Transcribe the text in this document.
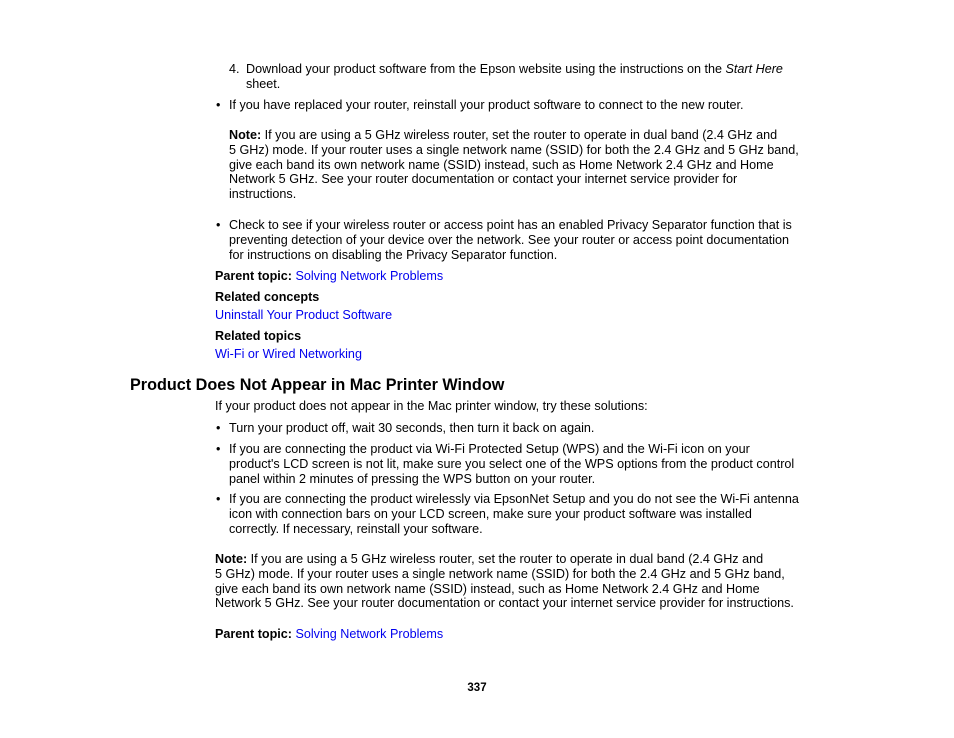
4. Download your product software from the Epson website using the instructions on the Start Here
sheet.
• If you have replaced your router, reinstall your product software to connect to the new router.
Note: If you are using a 5 GHz wireless router, set the router to operate in dual band (2.4 GHz and
5 GHz) mode. If your router uses a single network name (SSID) for both the 2.4 GHz and 5 GHz band,
give each band its own network name (SSID) instead, such as Home Network 2.4 GHz and Home
Network 5 GHz. See your router documentation or contact your internet service provider for
instructions.
• Check to see if your wireless router or access point has an enabled Privacy Separator function that is
preventing detection of your device over the network. See your router or access point documentation
for instructions on disabling the Privacy Separator function.
Parent topic: Solving Network Problems
Related concepts
Uninstall Your Product Software
Related topics
Wi-Fi or Wired Networking
Product Does Not Appear in Mac Printer Window
If your product does not appear in the Mac printer window, try these solutions:
• Turn your product off, wait 30 seconds, then turn it back on again.
• If you are connecting the product via Wi-Fi Protected Setup (WPS) and the Wi-Fi icon on your
product's LCD screen is not lit, make sure you select one of the WPS options from the product control
panel within 2 minutes of pressing the WPS button on your router.
• If you are connecting the product wirelessly via EpsonNet Setup and you do not see the Wi-Fi antenna
icon with connection bars on your LCD screen, make sure your product software was installed
correctly. If necessary, reinstall your software.
Note: If you are using a 5 GHz wireless router, set the router to operate in dual band (2.4 GHz and
5 GHz) mode. If your router uses a single network name (SSID) for both the 2.4 GHz and 5 GHz band,
give each band its own network name (SSID) instead, such as Home Network 2.4 GHz and Home
Network 5 GHz. See your router documentation or contact your internet service provider for instructions.
Parent topic: Solving Network Problems
337
